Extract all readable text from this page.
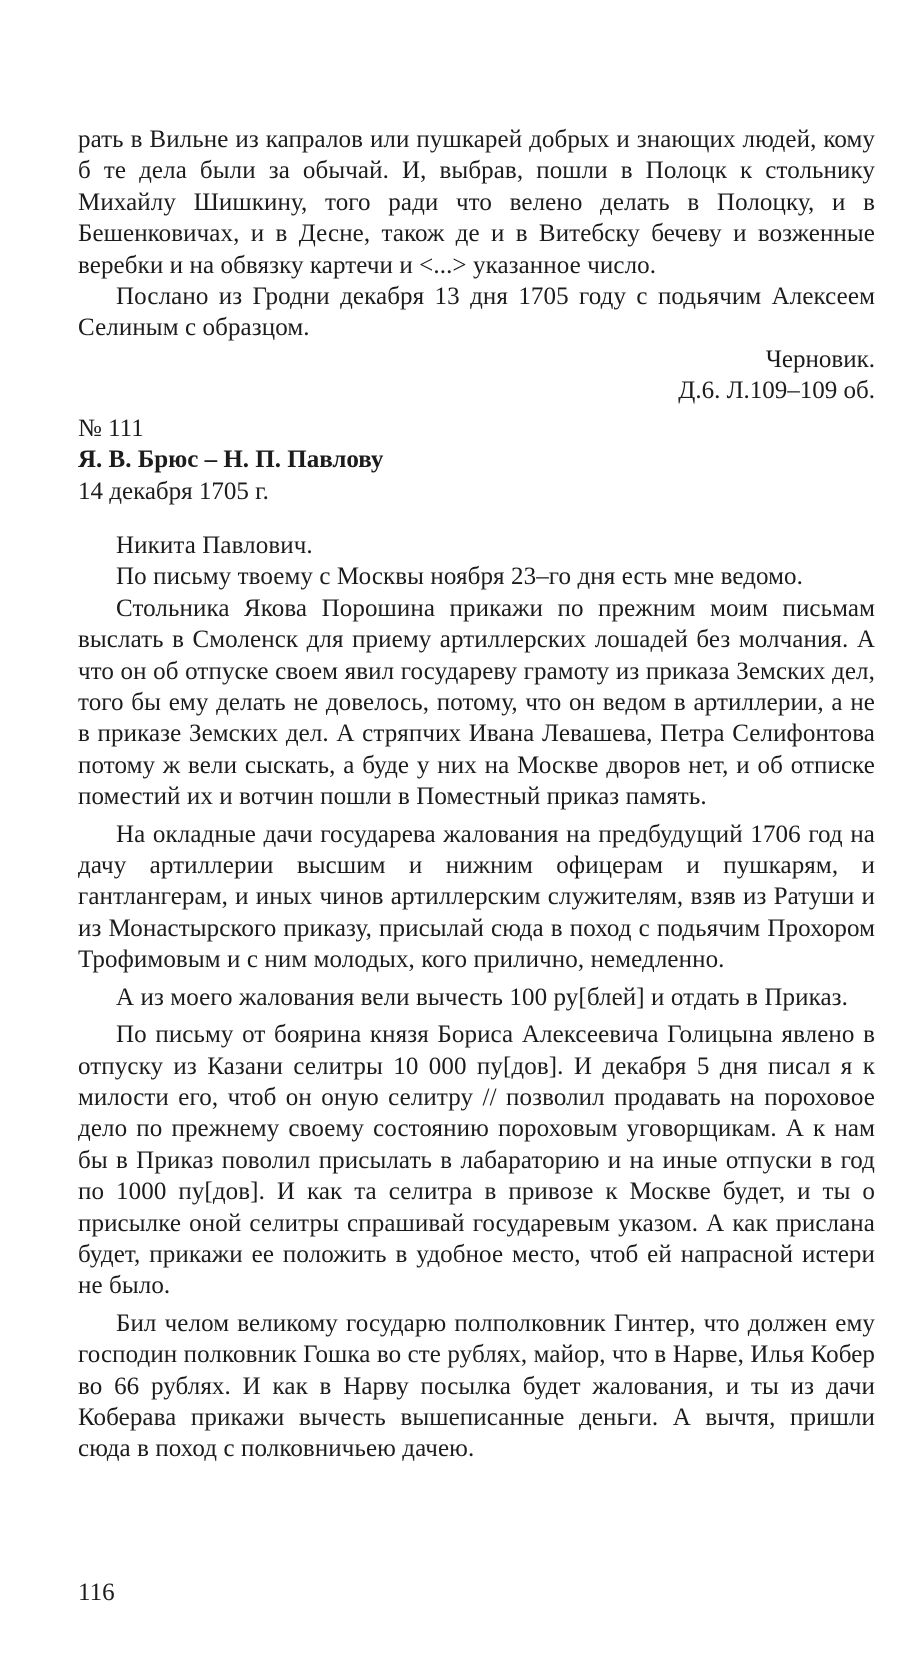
рать в Вильне из капралов или пушкарей добрых и знающих людей, кому б те дела были за обычай. И, выбрав, пошли в Полоцк к стольнику Михайлу Шишкину, того ради что велено делать в Полоцку, и в Бешенковичах, и в Десне, також де и в Витебску бечеву и возженные веребки и на обвязку картечи и <...> указанное число.

Послано из Гродни декабря 13 дня 1705 году с подьячим Алексеем Селиным с образцом.

Черновик.

Д.6. Л.109–109 об.

№ 111

Я. В. Брюс – Н. П. Павлову

14 декабря 1705 г.

Никита Павлович.

По письму твоему с Москвы ноября 23–го дня есть мне ведомо.

Стольника Якова Порошина прикажи по прежним моим письмам выслать в Смоленск для приему артиллерских лошадей без молчания. А что он об отпуске своем явил государеву грамоту из приказа Земских дел, того бы ему делать не довелось, потому, что он ведом в артиллерии, а не в приказе Земских дел. А стряпчих Ивана Левашева, Петра Селифонтова потому ж вели сыскать, а буде у них на Москве дворов нет, и об отписке поместий их и вотчин пошли в Поместный приказ память.

На окладные дачи государева жалования на предбудущий 1706 год на дачу артиллерии высшим и нижним офицерам и пушкарям, и гантлангерам, и иных чинов артиллерским служителям, взяв из Ратуши и из Монастырского приказу, присылай сюда в поход с подьячим Прохором Трофимовым и с ним молодых, кого прилично, немедленно.

А из моего жалования вели вычесть 100 ру[блей] и отдать в Приказ.

По письму от боярина князя Бориса Алексеевича Голицына явлено в отпуску из Казани селитры 10 000 пу[дов]. И декабря 5 дня писал я к милости его, чтоб он оную селитру // позволил продавать на пороховое дело по прежнему своему состоянию пороховым уговорщикам. А к нам бы в Приказ поволил присылать в лабараторию и на иные отпуски в год по 1000 пу[дов]. И как та селитра в привозе к Москве будет, и ты о присылке оной селитры спрашивай государевым указом. А как прислана будет, прикажи ее положить в удобное место, чтоб ей напрасной истери не было.

Бил челом великому государю полполковник Гинтер, что должен ему господин полковник Гошка во сте рублях, майор, что в Нарве, Илья Кобер во 66 рублях. И как в Нарву посылка будет жалования, и ты из дачи Коберава прикажи вычесть вышеписанные деньги. А вычтя, пришли сюда в поход с полковничьею дачею.

116
